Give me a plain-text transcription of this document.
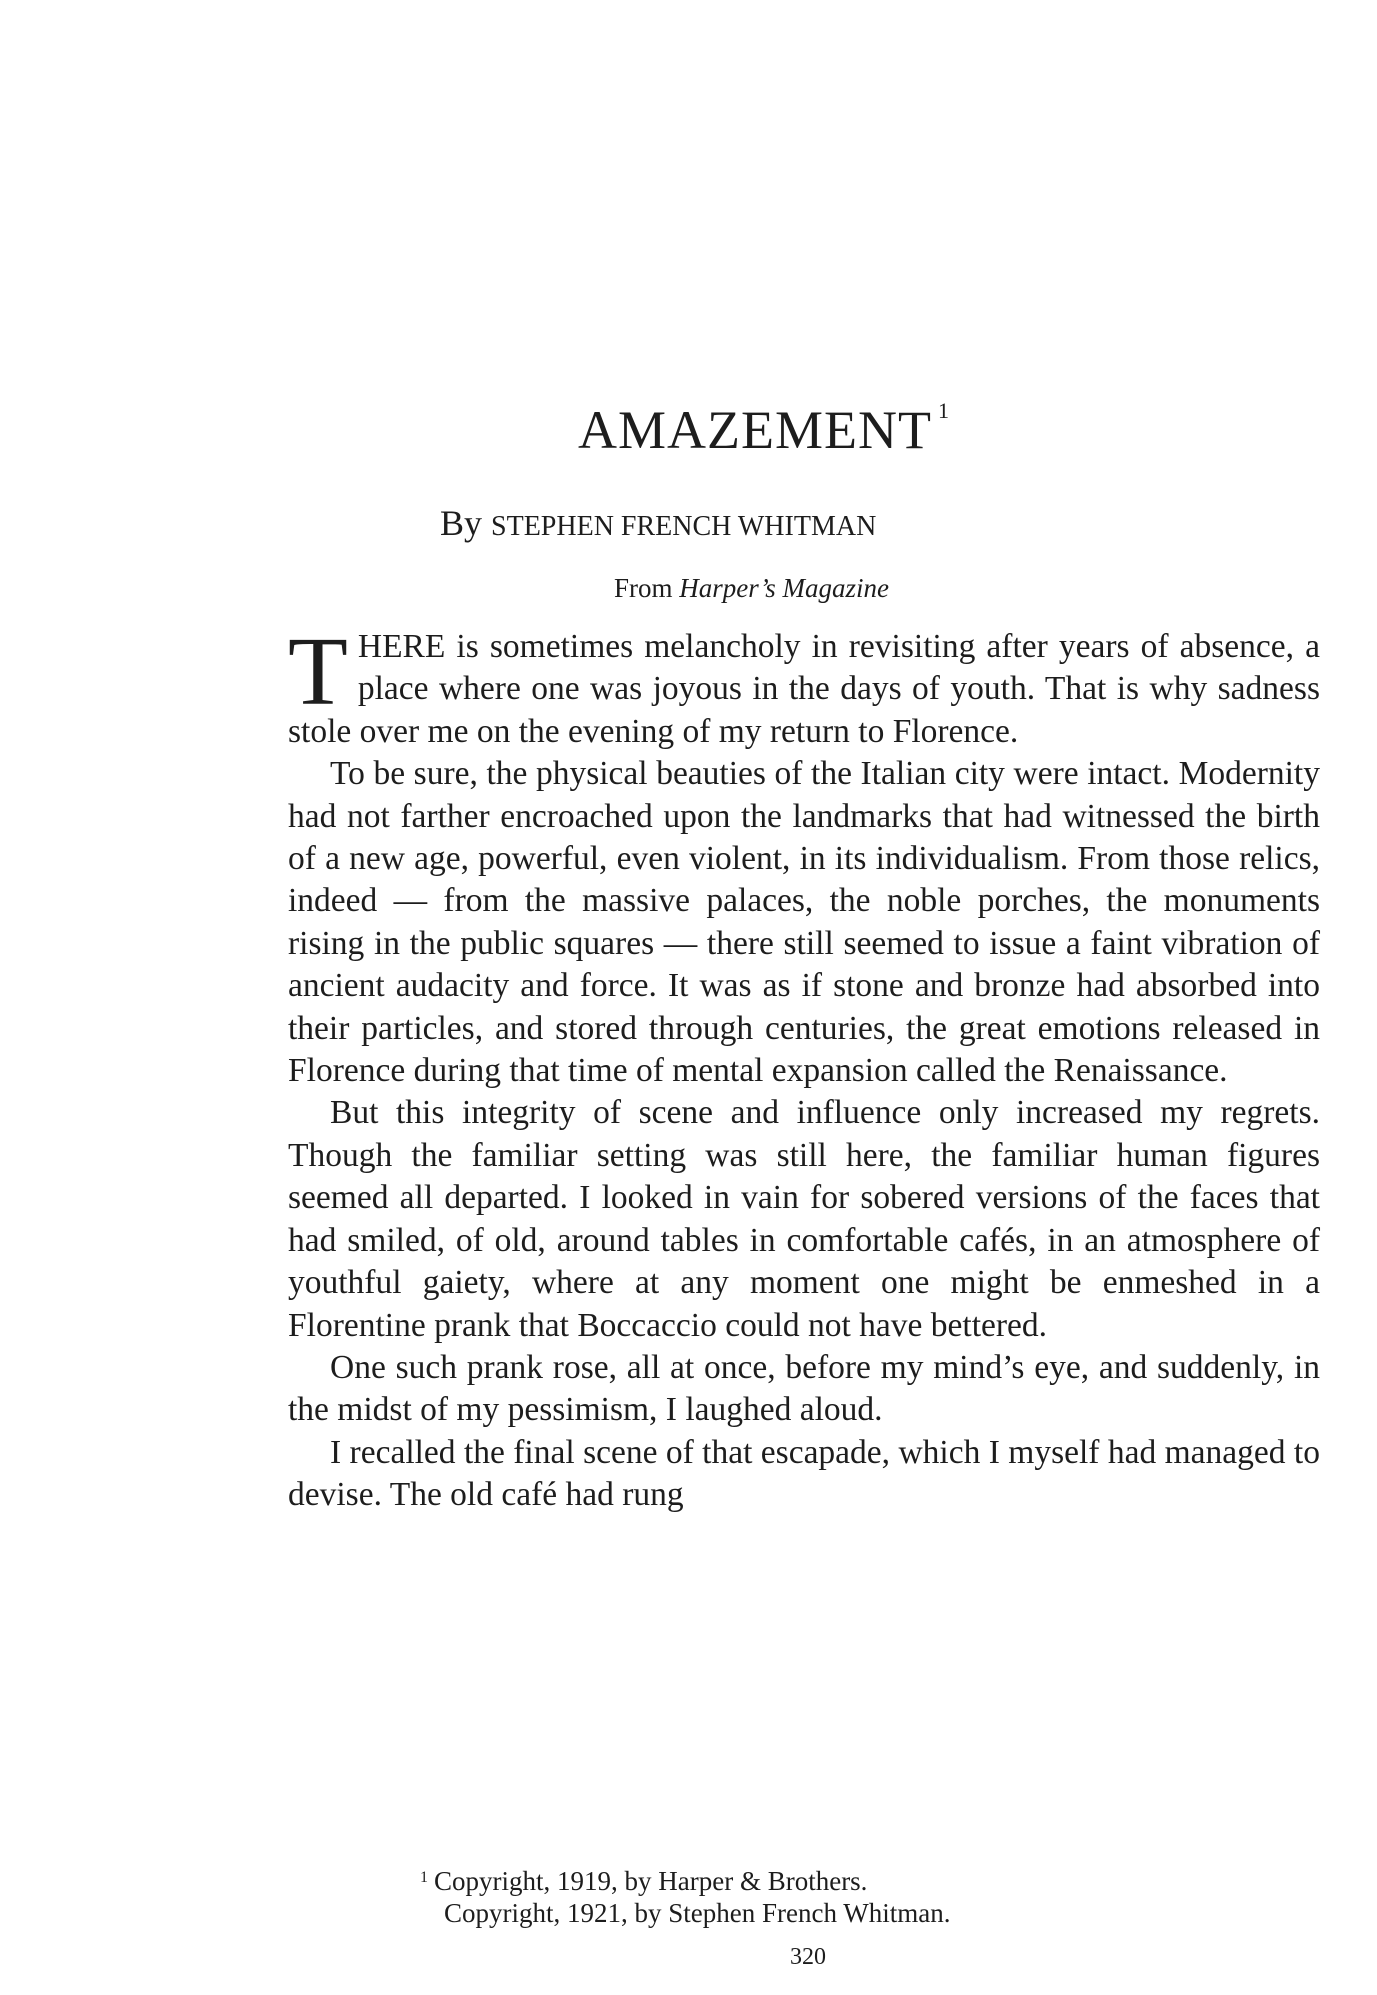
AMAZEMENT $^1$
By STEPHEN FRENCH WHITMAN
From Harper’s Magazine

THERE is sometimes melancholy in revisiting after years of absence, a place where one was joyous in the days of youth. That is why sadness stole over me on the evening of my return to Florence.

To be sure, the physical beauties of the Italian city were intact. Modernity had not farther encroached upon the landmarks that had witnessed the birth of a new age, powerful, even violent, in its individualism. From those relics, indeed — from the massive palaces, the noble porches, the monuments rising in the public squares — there still seemed to issue a faint vibration of ancient audacity and force. It was as if stone and bronze had absorbed into their particles, and stored through centuries, the great emotions released in Florence during that time of mental expansion called the Renaissance.

But this integrity of scene and influence only increased my regrets. Though the familiar setting was still here, the familiar human figures seemed all departed. I looked in vain for sobered versions of the faces that had smiled, of old, around tables in comfortable cafés, in an atmosphere of youthful gaiety, where at any moment one might be enmeshed in a Florentine prank that Boccaccio could not have bettered.

One such prank rose, all at once, before my mind’s eye, and suddenly, in the midst of my pessimism, I laughed aloud.

I recalled the final scene of that escapade, which I myself had managed to devise. The old café had rung

$^1$ Copyright, 1919, by Harper & Brothers.
Copyright, 1921, by Stephen French Whitman.
320
